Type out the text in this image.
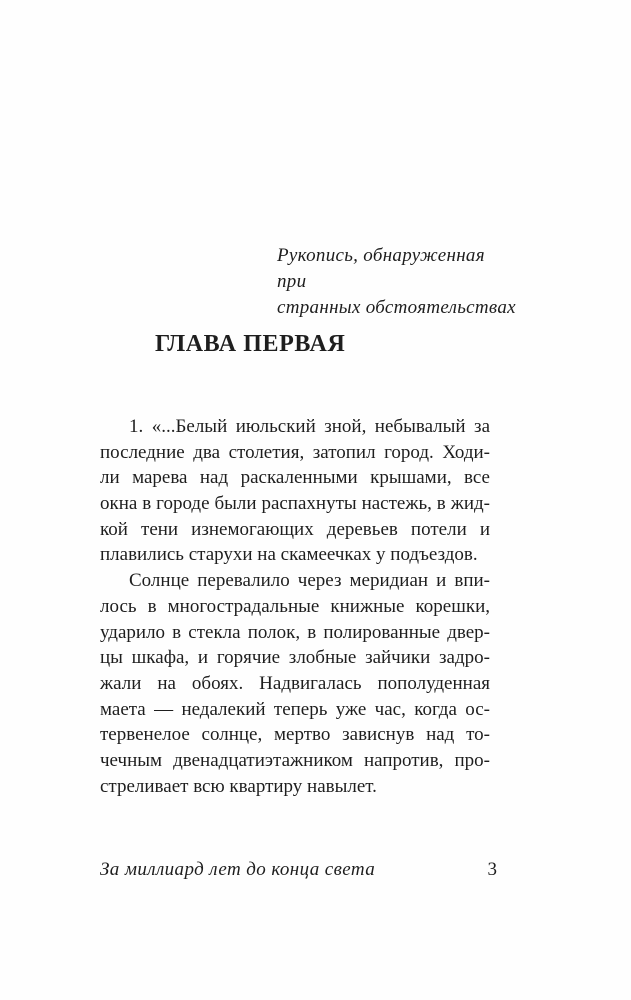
Рукопись, обнаруженная при
странных обстоятельствах
ГЛАВА ПЕРВАЯ
1. «...Белый июльский зной, небывалый за
последние два столетия, затопил город. Ходи-
ли марева над раскаленными крышами, все
окна в городе были распахнуты настежь, в жид-
кой тени изнемогающих деревьев потели и
плавились старухи на скамеечках у подъездов.
Солнце перевалило через меридиан и впи-
лось в многострадальные книжные корешки,
ударило в стекла полок, в полированные двер-
цы шкафа, и горячие злобные зайчики задро-
жали на обоях. Надвигалась пополуденная
маета — недалекий теперь уже час, когда ос-
тервенелое солнце, мертво зависнув над то-
чечным двенадцатиэтажником напротив, про-
стреливает всю квартиру навылет.
За миллиард лет до конца света	3
